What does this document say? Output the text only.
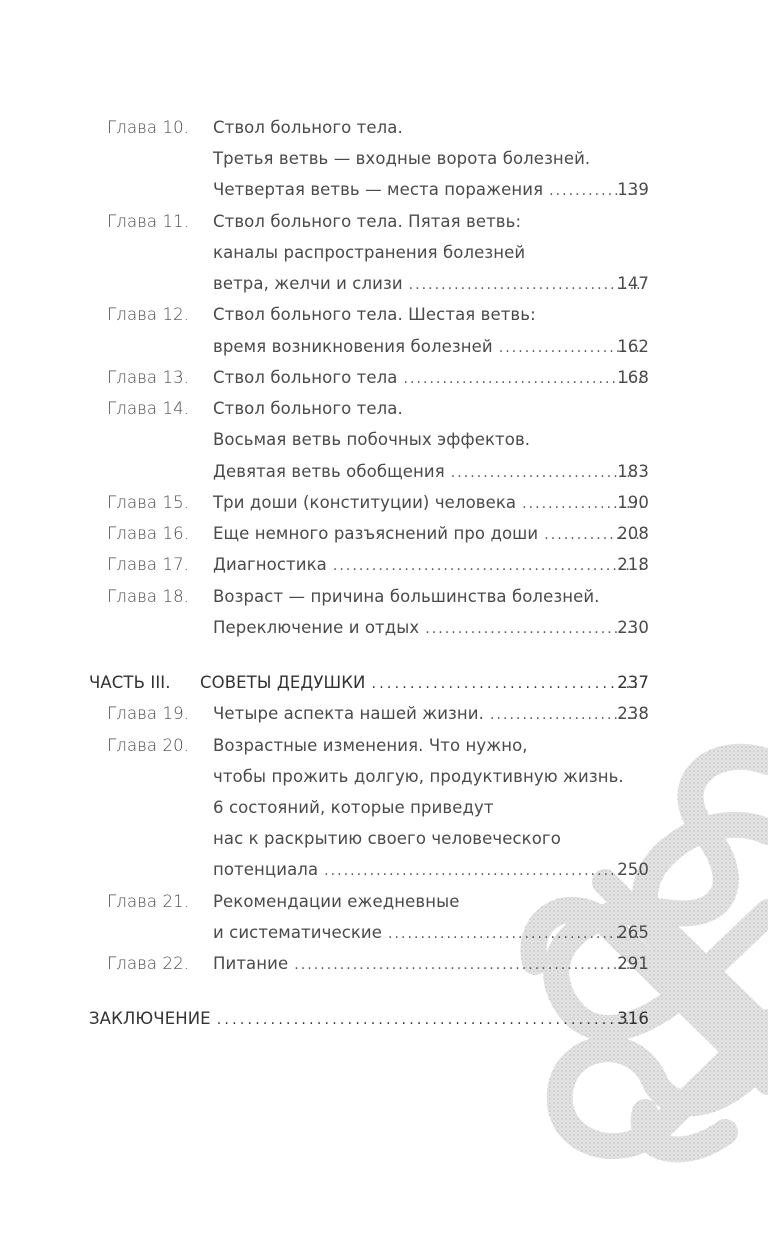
Глава 10. Ствол больного тела.
Третья ветвь — входные ворота болезней.
Четвертая ветвь — места поражения . . .	139
Глава 11. Ствол больного тела. Пятая ветвь:
каналы распространения болезней
ветра, желчи и слизи . . .	147
Глава 12. Ствол больного тела. Шестая ветвь:
время возникновения болезней . . .	162
Глава 13. Ствол больного тела . . .	168
Глава 14. Ствол больного тела.
Восьмая ветвь побочных эффектов.
Девятая ветвь обобщения . . .	183
Глава 15. Три доши (конституции) человека . . .	190
Глава 16. Еще немного разъяснений про доши . . .	208
Глава 17. Диагностика . . .	218
Глава 18. Возраст — причина большинства болезней.
Переключение и отдых . . .	230
ЧАСТЬ III. СОВЕТЫ ДЕДУШКИ . . .	237
Глава 19. Четыре аспекта нашей жизни. . . .	238
Глава 20. Возрастные изменения. Что нужно,
чтобы прожить долгую, продуктивную жизнь.
6 состояний, которые приведут
нас к раскрытию своего человеческого
потенциала . . .	250
Глава 21. Рекомендации ежедневные
и систематические . . .	265
Глава 22. Питание . . .	291
ЗАКЛЮЧЕНИЕ . . .	316
